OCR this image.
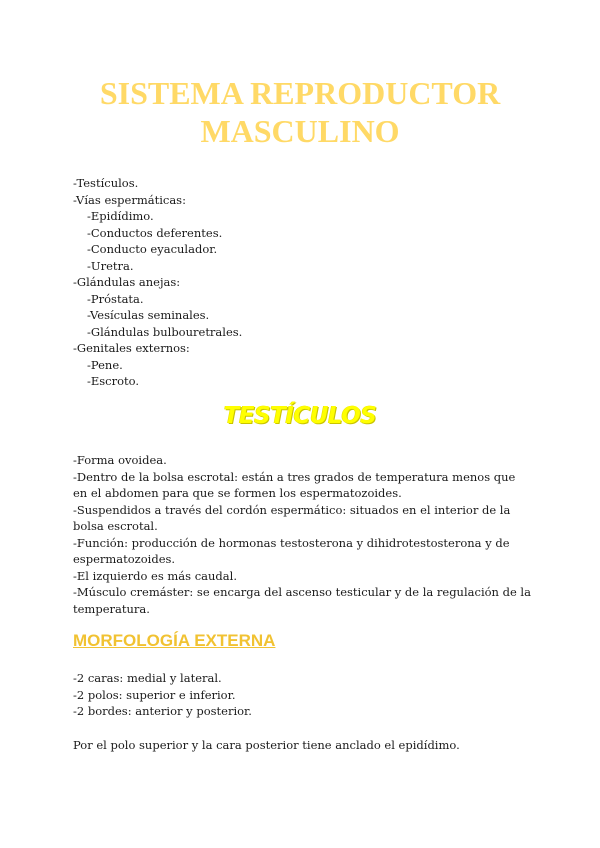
SISTEMA REPRODUCTOR
MASCULINO
-Testículos.
-Vías espermáticas:
-Epidídimo.
-Conductos deferentes.
-Conducto eyaculador.
-Uretra.
-Glándulas anejas:
-Próstata.
-Vesículas seminales.
-Glándulas bulbouretrales.
-Genitales externos:
-Pene.
-Escroto.
TESTÍCULOS

-Forma ovoidea.

-Dentro de la bolsa escrotal: están a tres grados de temperatura menos que en el abdomen para que se formen los espermatozoides.

-Suspendidos a través del cordón espermático: situados en el interior de la bolsa escrotal.

-Función: producción de hormonas testosterona y dihidrotestosterona y de espermatozoides.

-El izquierdo es más caudal.

-Músculo cremáster: se encarga del ascenso testicular y de la regulación de la temperatura.

MORFOLOGÍA EXTERNA

-2 caras: medial y lateral.

-2 polos: superior e inferior.

-2 bordes: anterior y posterior.

Por el polo superior y la cara posterior tiene anclado el epidídimo.
